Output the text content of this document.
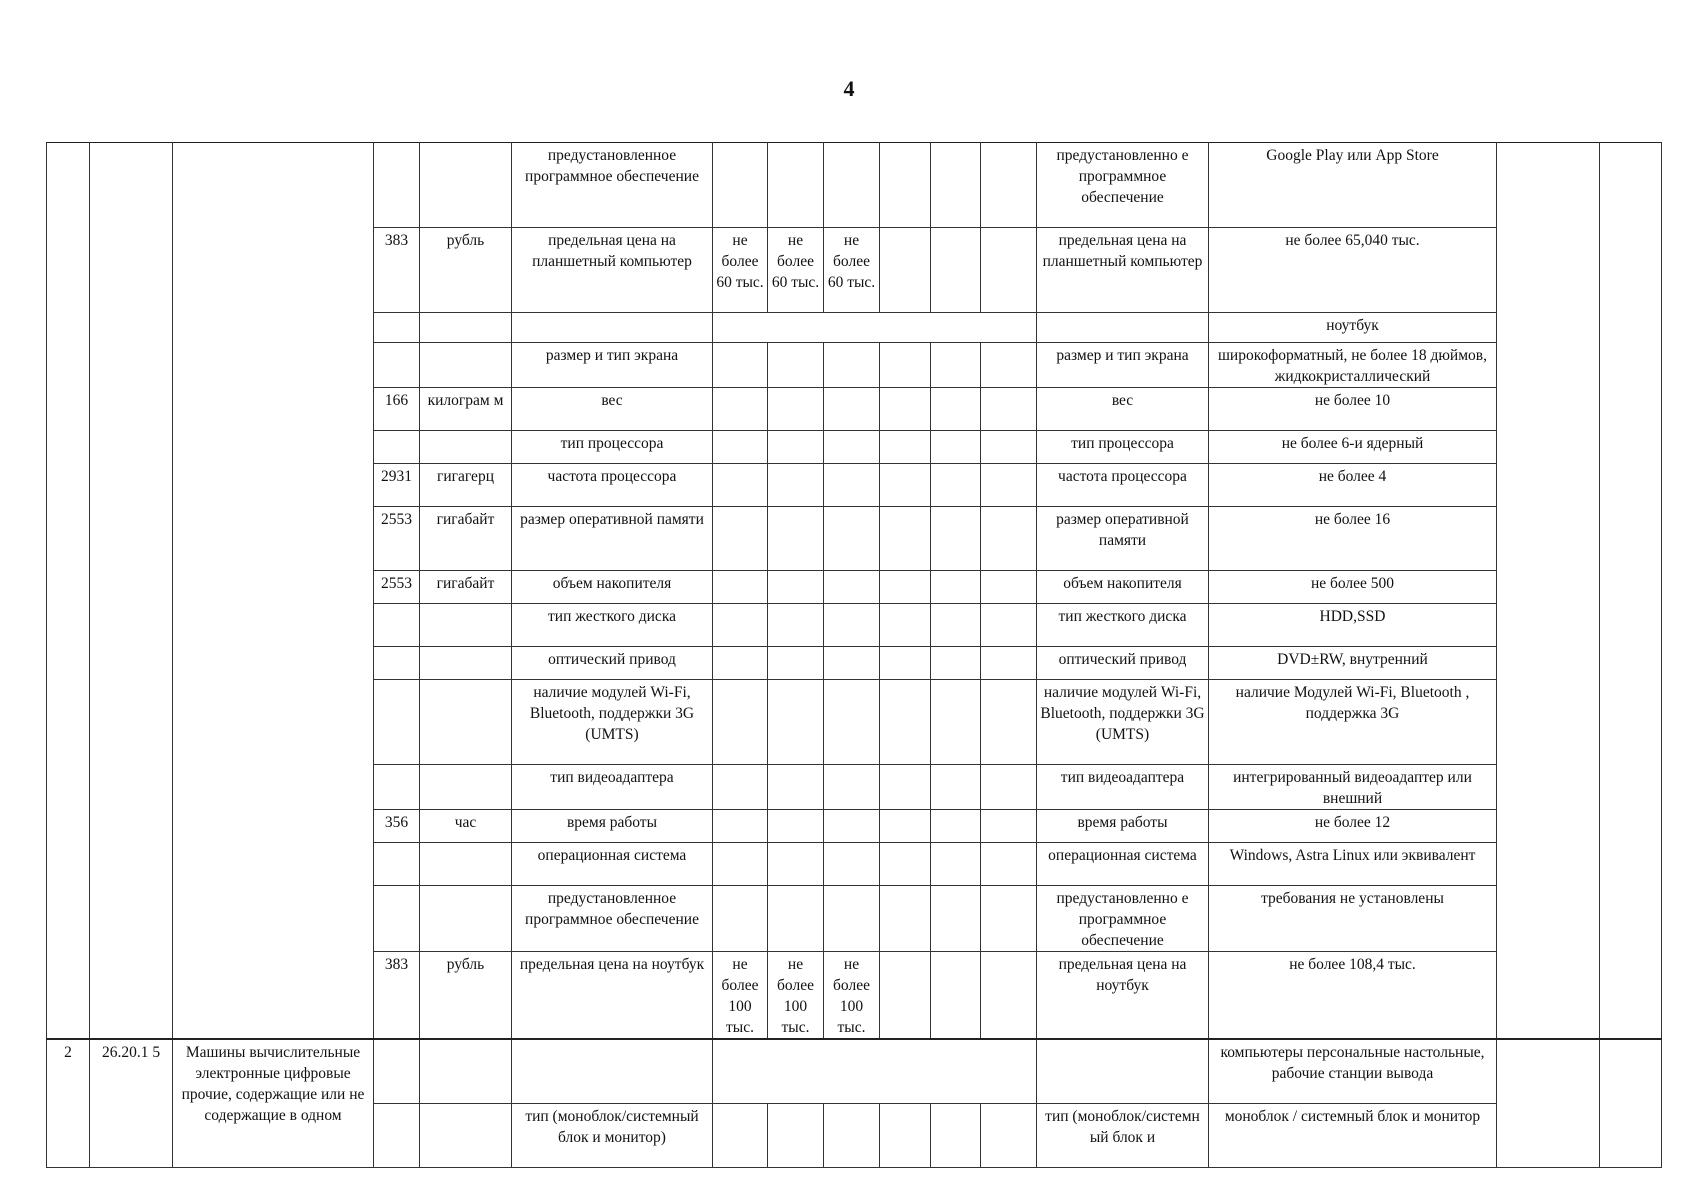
4
					предустановленное программное обеспечение							предустановленно е программное обеспечение	Google Play или App Store		
			383	рубль	предельная цена на планшетный компьютер	не более 60 тыс.	не более 60 тыс.	не более 60 тыс.				предельная цена на планшетный компьютер	не более 65,040 тыс.		
													ноутбук		
					размер и тип экрана							размер и тип экрана	широкоформатный, не более 18 дюймов, жидкокристаллический		
			166	килограм м	вес							вес	не более 10		
					тип процессора							тип процессора	не более 6-и ядерный		
			2931	гигагерц	частота процессора							частота процессора	не более 4		
			2553	гигабайт	размер оперативной памяти							размер оперативной памяти	не более 16		
			2553	гигабайт	объем накопителя							объем накопителя	не более 500		
					тип жесткого диска							тип жесткого диска	HDD,SSD		
					оптический привод							оптический привод	DVD±RW, внутренний		
					наличие модулей Wi-Fi, Bluetooth, поддержки 3G (UMTS)							наличие модулей Wi-Fi, Bluetooth, поддержки 3G (UMTS)	наличие Модулей Wi-Fi, Bluetooth , поддержка 3G		
					тип видеоадаптера							тип видеоадаптера	интегрированный видеоадаптер или внешний		
			356	час	время работы							время работы	не более 12		
					операционная система							операционная система	Windows, Astra Linux или эквивалент		
					предустановленное программное обеспечение							предустановленно е программное обеспечение	требования не установлены		
			383	рубль	предельная цена на ноутбук	не более 100 тыс.	не более 100 тыс.	не более 100 тыс.				предельная цена на ноутбук	не более 108,4 тыс.		
2	26.20.1 5	Машины вычислительные электронные цифровые прочие, содержащие или не содержащие в одном											компьютеры персональные настольные, рабочие станции вывода		
					тип (моноблок/системный блок и монитор)							тип (моноблок/системн ый блок и	моноблок / системный блок и монитор		
